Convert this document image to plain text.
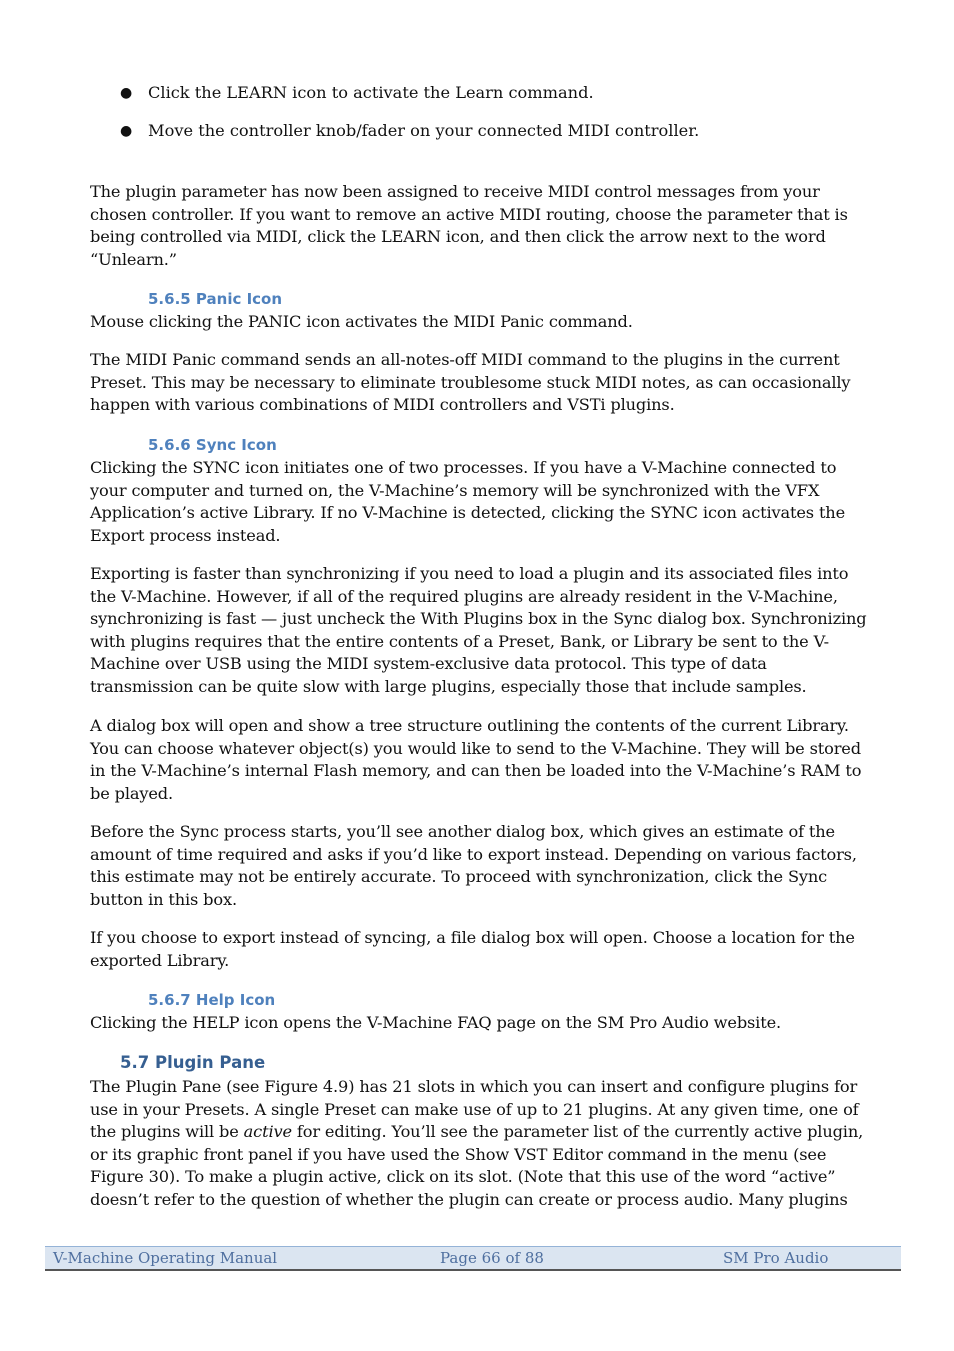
● Click the LEARN icon to activate the Learn command.
● Move the controller knob/fader on your connected MIDI controller.

The plugin parameter has now been assigned to receive MIDI control messages from your chosen controller. If you want to remove an active MIDI routing, choose the parameter that is being controlled via MIDI, click the LEARN icon, and then click the arrow next to the word “Unlearn.”

5.6.5 Panic Icon

Mouse clicking the PANIC icon activates the MIDI Panic command.

The MIDI Panic command sends an all-notes-off MIDI command to the plugins in the current Preset. This may be necessary to eliminate troublesome stuck MIDI notes, as can occasionally happen with various combinations of MIDI controllers and VSTi plugins.

5.6.6 Sync Icon

Clicking the SYNC icon initiates one of two processes. If you have a V-Machine connected to your computer and turned on, the V-Machine’s memory will be synchronized with the VFX Application’s active Library. If no V-Machine is detected, clicking the SYNC icon activates the Export process instead.

Exporting is faster than synchronizing if you need to load a plugin and its associated files into the V-Machine. However, if all of the required plugins are already resident in the V-Machine, synchronizing is fast — just uncheck the With Plugins box in the Sync dialog box. Synchronizing with plugins requires that the entire contents of a Preset, Bank, or Library be sent to the V-Machine over USB using the MIDI system-exclusive data protocol. This type of data transmission can be quite slow with large plugins, especially those that include samples.

A dialog box will open and show a tree structure outlining the contents of the current Library. You can choose whatever object(s) you would like to send to the V-Machine. They will be stored in the V-Machine’s internal Flash memory, and can then be loaded into the V-Machine’s RAM to be played.

Before the Sync process starts, you’ll see another dialog box, which gives an estimate of the amount of time required and asks if you’d like to export instead. Depending on various factors, this estimate may not be entirely accurate. To proceed with synchronization, click the Sync button in this box.

If you choose to export instead of syncing, a file dialog box will open. Choose a location for the exported Library.

5.6.7 Help Icon

Clicking the HELP icon opens the V-Machine FAQ page on the SM Pro Audio website.

5.7 Plugin Pane

The Plugin Pane (see Figure 4.9) has 21 slots in which you can insert and configure plugins for use in your Presets. A single Preset can make use of up to 21 plugins. At any given time, one of the plugins will be active for editing. You’ll see the parameter list of the currently active plugin, or its graphic front panel if you have used the Show VST Editor command in the menu (see Figure 30). To make a plugin active, click on its slot. (Note that this use of the word “active” doesn’t refer to the question of whether the plugin can create or process audio. Many plugins

V-Machine Operating Manual	Page 66 of 88	SM Pro Audio
